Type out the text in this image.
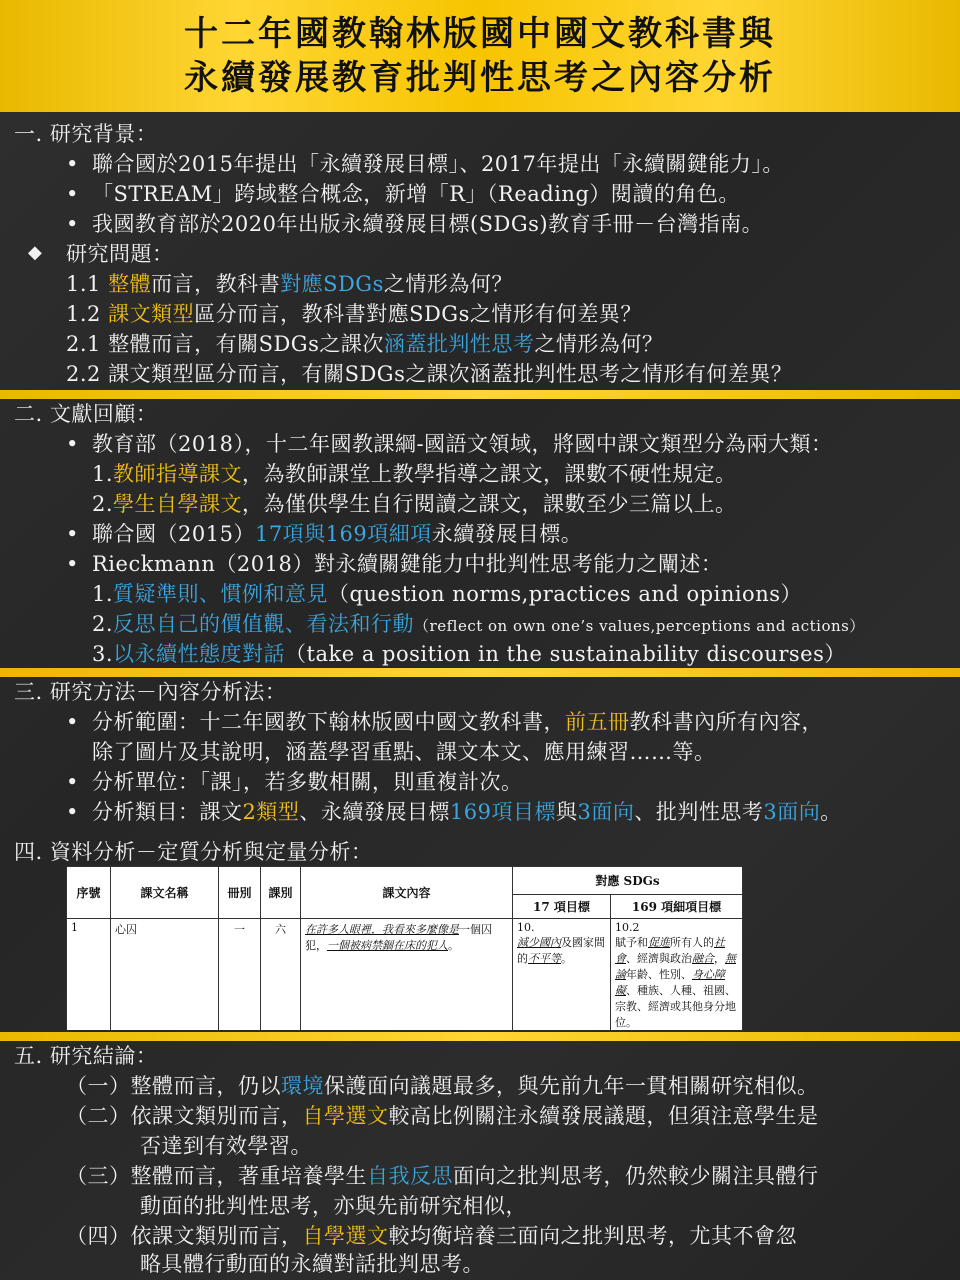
十二年國教翰林版國中國文教科書與
永續發展教育批判性思考之內容分析
一. 研究背景：
• 聯合國於2015年提出「永續發展目標」、2017年提出「永續關鍵能力」。
• 「STREAM」跨域整合概念，新增「R」（Reading）閱讀的角色。
• 我國教育部於2020年出版永續發展目標(SDGs)教育手冊－台灣指南。
◆ 研究問題：
1.1 整體而言，教科書對應SDGs之情形為何？
1.2 課文類型區分而言，教科書對應SDGs之情形有何差異？
2.1 整體而言，有關SDGs之課次涵蓋批判性思考之情形為何？
2.2 課文類型區分而言，有關SDGs之課次涵蓋批判性思考之情形有何差異？
二. 文獻回顧：
• 教育部（2018），十二年國教課綱-國語文領域，將國中課文類型分為兩大類：
1.教師指導課文，為教師課堂上教學指導之課文，課數不硬性規定。
2.學生自學課文，為僅供學生自行閱讀之課文，課數至少三篇以上。
• 聯合國（2015）17項與169項細項永續發展目標。
• Rieckmann（2018）對永續關鍵能力中批判性思考能力之闡述：
1.質疑準則、慣例和意見（question norms,practices and opinions）
2.反思自己的價值觀、看法和行動（reflect on own one’s values,perceptions and actions）
3.以永續性態度對話（take a position in the sustainability discourses）
三. 研究方法－內容分析法：
• 分析範圍：十二年國教下翰林版國中國文教科書，前五冊教科書內所有內容，
除了圖片及其說明，涵蓋學習重點、課文本文、應用練習……等。
• 分析單位：「課」，若多數相關，則重複計次。
• 分析類目：課文2類型、永續發展目標169項目標與3面向、批判性思考3面向。
四. 資料分析－定質分析與定量分析：
序號	課文名稱	冊別	課別	課文內容	對應 SDGs	
					17 項目標	169 項細項目標
1	心囚	一	六	在許多人眼裡，我看來多麼像是一個囚犯，一個被病禁錮在床的犯人。	10.
減少國內及國家間的不平等。	10.2
賦予和促進所有人的社會、經濟與政治融合，無論年齡、性別、身心障礙、種族、人種、祖國、宗教、經濟或其他身分地位。
五. 研究結論：
（一）整體而言，仍以環境保護面向議題最多，與先前九年一貫相關研究相似。
（二）依課文類別而言，自學選文較高比例關注永續發展議題，但須注意學生是
否達到有效學習。
（三）整體而言，著重培養學生自我反思面向之批判思考，仍然較少關注具體行
動面的批判性思考，亦與先前研究相似，
（四）依課文類別而言，自學選文較均衡培養三面向之批判思考，尤其不會忽
略具體行動面的永續對話批判思考。
